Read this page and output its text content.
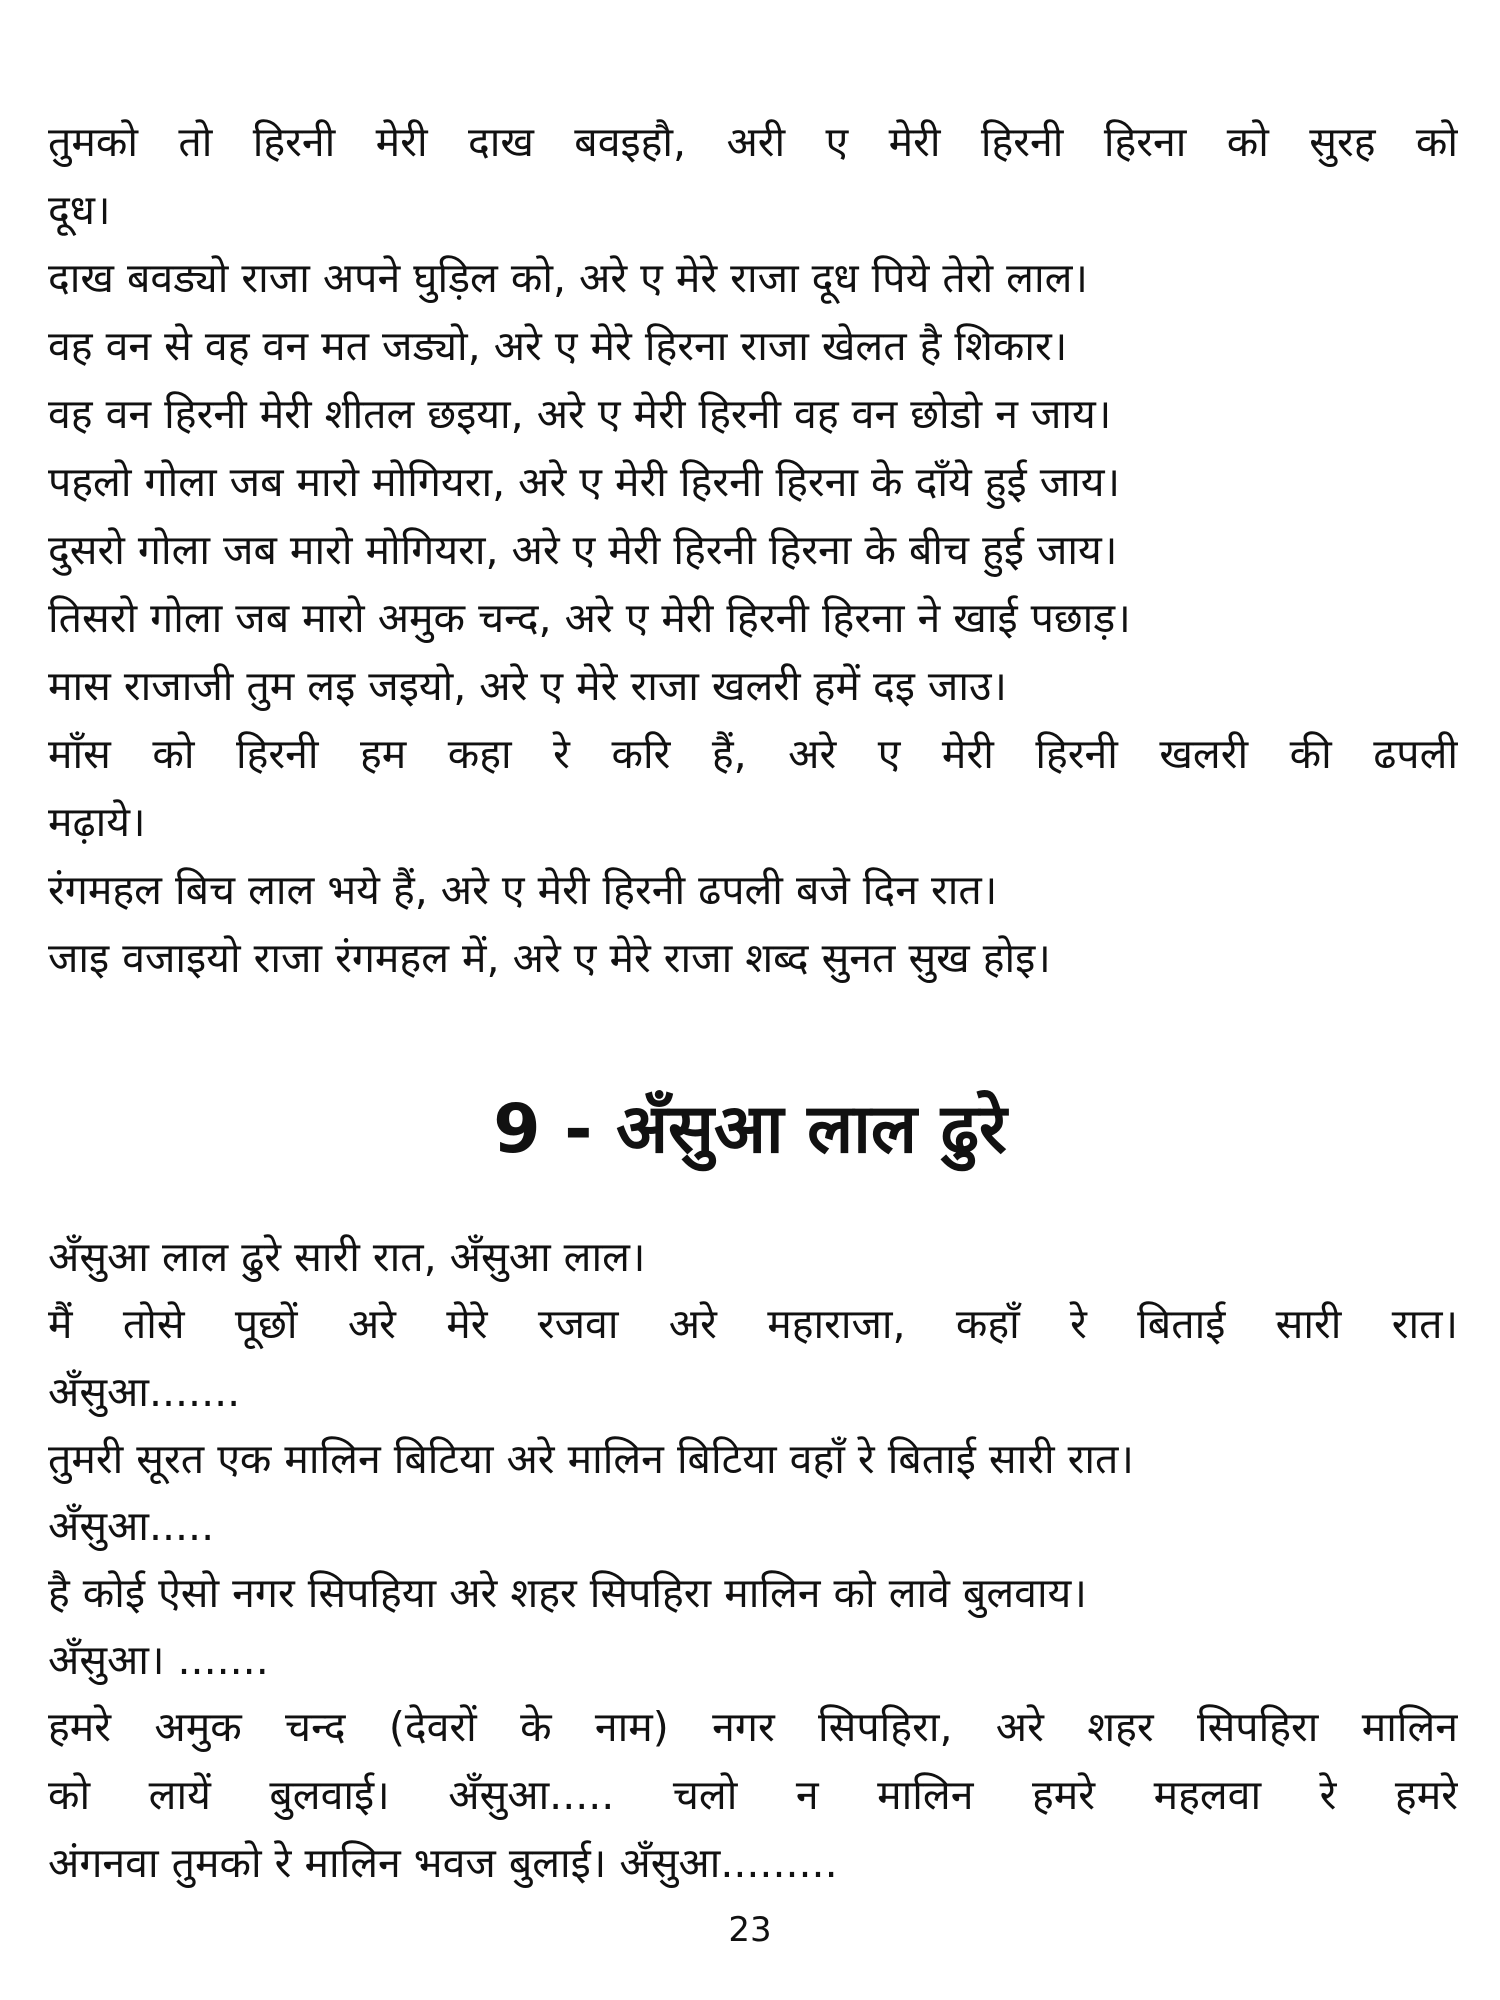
तुमको तो हिरनी मेरी दाख बवइहौ, अरी ए मेरी हिरनी हिरना को सुरह को
दूध।
दाख बवड्यो राजा अपने घुड़िल को, अरे ए मेरे राजा दूध पिये तेरो लाल।
वह वन से वह वन मत जड्यो, अरे ए मेरे हिरना राजा खेलत है शिकार।
वह वन हिरनी मेरी शीतल छइया, अरे ए मेरी हिरनी वह वन छोडो न जाय।
पहलो गोला जब मारो मोगियरा, अरे ए मेरी हिरनी हिरना के दाँये हुई जाय।
दुसरो गोला जब मारो मोगियरा, अरे ए मेरी हिरनी हिरना के बीच हुई जाय।
तिसरो गोला जब मारो अमुक चन्द, अरे ए मेरी हिरनी हिरना ने खाई पछाड़।
मास राजाजी तुम लइ जइयो, अरे ए मेरे राजा खलरी हमें दइ जाउ।
माँस को हिरनी हम कहा रे करि हैं, अरे ए मेरी हिरनी खलरी की ढपली
मढ़ाये।
रंगमहल बिच लाल भये हैं, अरे ए मेरी हिरनी ढपली बजे दिन रात।
जाइ वजाइयो राजा रंगमहल में, अरे ए मेरे राजा शब्द सुनत सुख होइ।
9 - अँसुआ लाल ढुरे
अँसुआ लाल ढुरे सारी रात, अँसुआ लाल।
मैं तोसे पूछों अरे मेरे रजवा अरे महाराजा, कहाँ रे बिताई सारी रात।
अँसुआ.......
तुमरी सूरत एक मालिन बिटिया अरे मालिन बिटिया वहाँ रे बिताई सारी रात।
अँसुआ.....
है कोई ऐसो नगर सिपहिया अरे शहर सिपहिरा मालिन को लावे बुलवाय।
अँसुआ। .......
हमरे अमुक चन्द (देवरों के नाम) नगर सिपहिरा, अरे शहर सिपहिरा मालिन
को लायें बुलवाई। अँसुआ..... चलो न मालिन हमरे महलवा रे हमरे
अंगनवा तुमको रे मालिन भवज बुलाई। अँसुआ.........
23
